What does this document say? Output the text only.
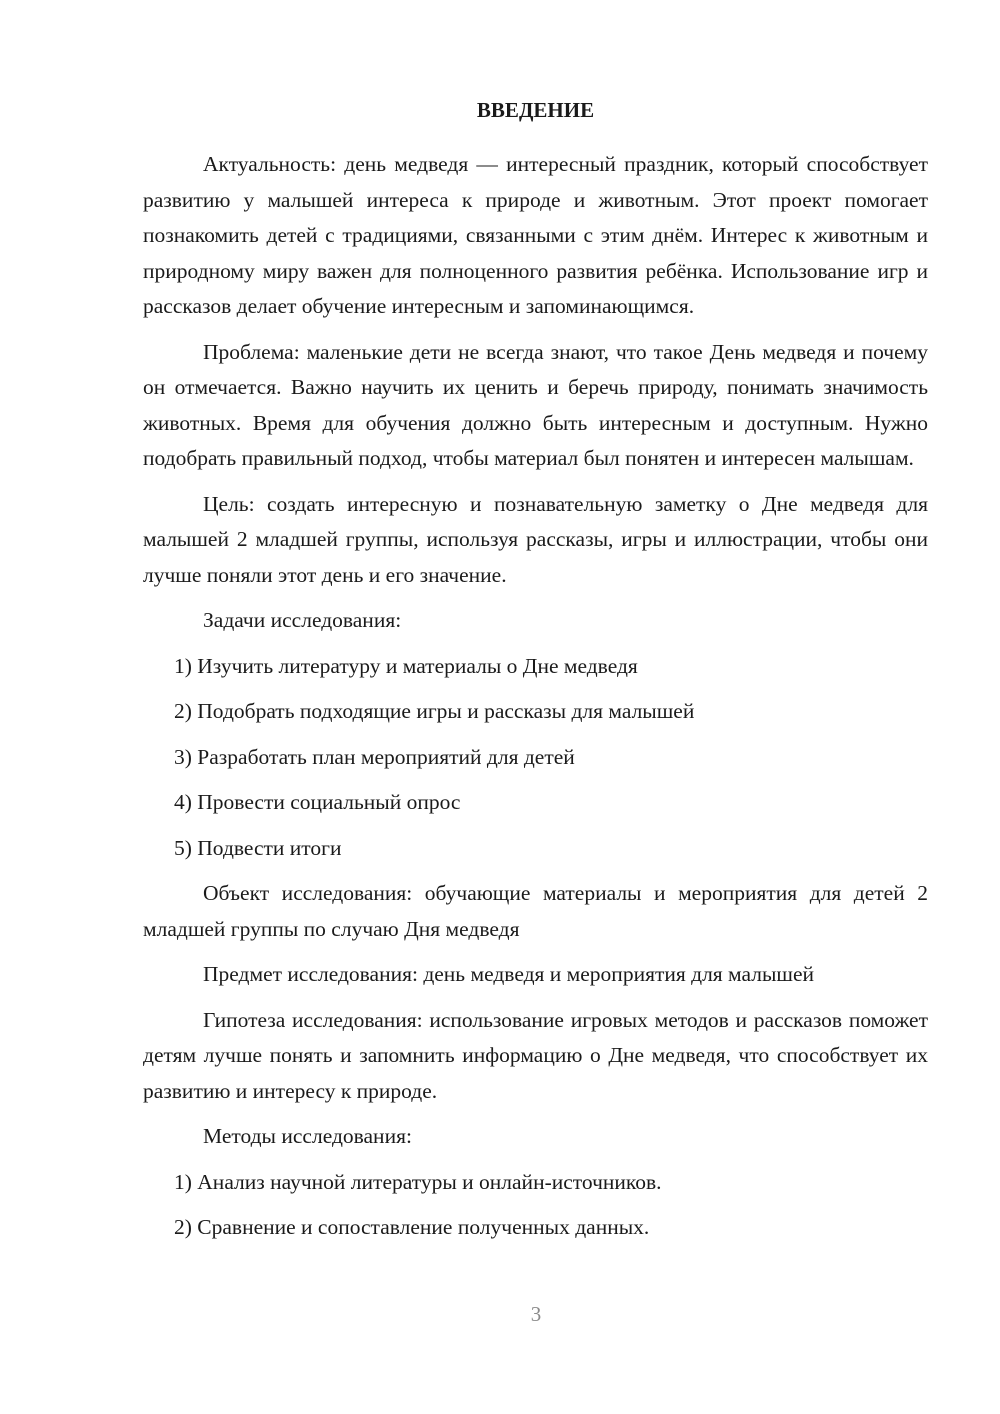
ВВЕДЕНИЕ

Актуальность: день медведя — интересный праздник, который способствует развитию у малышей интереса к природе и животным. Этот проект помогает познакомить детей с традициями, связанными с этим днём. Интерес к животным и природному миру важен для полноценного развития ребёнка. Использование игр и рассказов делает обучение интересным и запоминающимся.

Проблема: маленькие дети не всегда знают, что такое День медведя и почему он отмечается. Важно научить их ценить и беречь природу, понимать значимость животных. Время для обучения должно быть интересным и доступным. Нужно подобрать правильный подход, чтобы материал был понятен и интересен малышам.

Цель: создать интересную и познавательную заметку о Дне медведя для малышей 2 младшей группы, используя рассказы, игры и иллюстрации, чтобы они лучше поняли этот день и его значение.

Задачи исследования:

1) Изучить литературу и материалы о Дне медведя
2) Подобрать подходящие игры и рассказы для малышей
3) Разработать план мероприятий для детей
4) Провести социальный опрос
5) Подвести итоги

Объект исследования: обучающие материалы и мероприятия для детей 2 младшей группы по случаю Дня медведя

Предмет исследования: день медведя и мероприятия для малышей

Гипотеза исследования: использование игровых методов и рассказов поможет детям лучше понять и запомнить информацию о Дне медведя, что способствует их развитию и интересу к природе.

Методы исследования:

1) Анализ научной литературы и онлайн-источников.
2) Сравнение и сопоставление полученных данных.
3
